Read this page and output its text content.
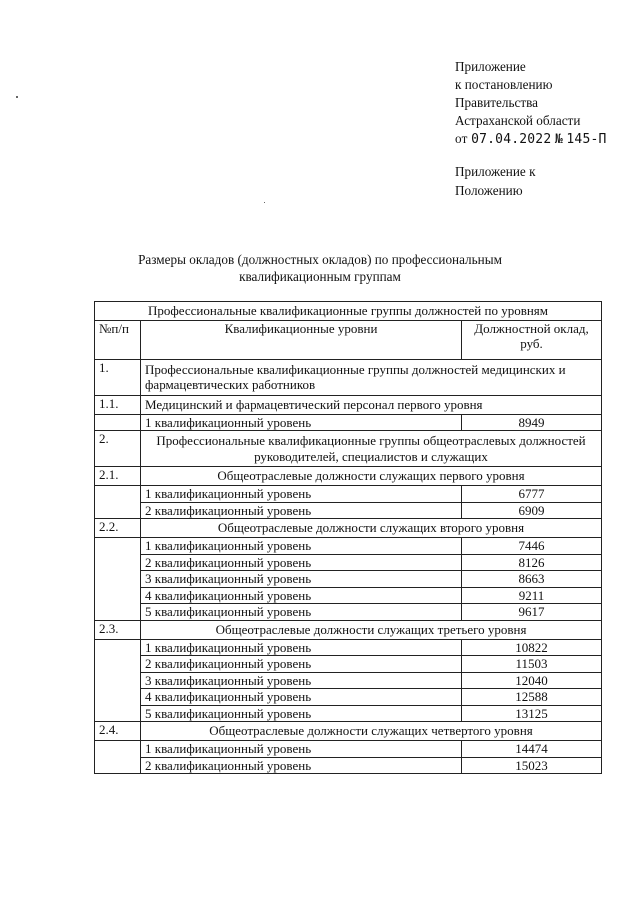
Приложение
к постановлению
Правительства
Астраханской области
от 07.04.2022 № 145-П
Приложение к
Положению
Размеры окладов (должностных окладов) по профессиональным
квалификационным группам
Профессиональные квалификационные группы должностей по уровням		
№п/п	Квалификационные уровни	Должностной оклад, руб.
1.	Профессиональные квалификационные группы должностей медицинских и фармацевтических работников	
1.1.	Медицинский и фармацевтический персонал первого уровня	
	1 квалификационный уровень	8949
2.	Профессиональные квалификационные группы общеотраслевых должностей руководителей, специалистов и служащих	
2.1.	Общеотраслевые должности служащих первого уровня	
	1 квалификационный уровень	6777
	2 квалификационный уровень	6909
2.2.	Общеотраслевые должности служащих второго уровня	
	1 квалификационный уровень	7446
	2 квалификационный уровень	8126
	3 квалификационный уровень	8663
	4 квалификационный уровень	9211
	5 квалификационный уровень	9617
2.3.	Общеотраслевые должности служащих третьего уровня	
	1 квалификационный уровень	10822
	2 квалификационный уровень	11503
	3 квалификационный уровень	12040
	4 квалификационный уровень	12588
	5 квалификационный уровень	13125
2.4.	Общеотраслевые должности служащих четвертого уровня	
	1 квалификационный уровень	14474
	2 квалификационный уровень	15023
